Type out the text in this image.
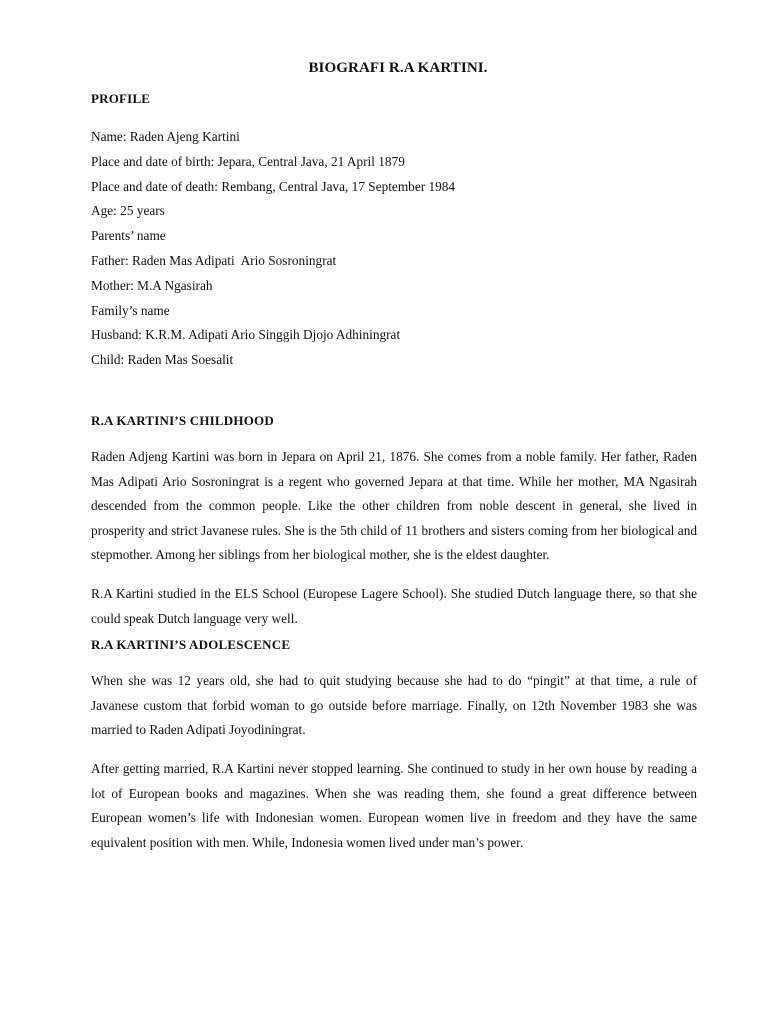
BIOGRAFI R.A KARTINI.
PROFILE
Name: Raden Ajeng Kartini
Place and date of birth: Jepara, Central Java, 21 April 1879
Place and date of death: Rembang, Central Java, 17 September 1984
Age: 25 years
Parents’ name
Father: Raden Mas Adipati  Ario Sosroningrat
Mother: M.A Ngasirah
Family’s name
Husband: K.R.M. Adipati Ario Singgih Djojo Adhiningrat
Child: Raden Mas Soesalit
R.A KARTINI’S CHILDHOOD

Raden Adjeng Kartini was born in Jepara on April 21, 1876. She comes from a noble family. Her father, Raden Mas Adipati Ario Sosroningrat is a regent who governed Jepara at that time. While her mother, MA Ngasirah descended from the common people. Like the other children from noble descent in general, she lived in prosperity and strict Javanese rules. She is the 5th child of 11 brothers and sisters coming from her biological and stepmother. Among her siblings from her biological mother, she is the eldest daughter.

R.A Kartini studied in the ELS School (Europese Lagere School). She studied Dutch language there, so that she could speak Dutch language very well.

R.A KARTINI’S ADOLESCENCE

When she was 12 years old, she had to quit studying because she had to do “pingit” at that time, a rule of Javanese custom that forbid woman to go outside before marriage. Finally, on 12th November 1983 she was married to Raden Adipati Joyodiningrat.

After getting married, R.A Kartini never stopped learning. She continued to study in her own house by reading a lot of European books and magazines. When she was reading them, she found a great difference between European women’s life with Indonesian women. European women live in freedom and they have the same equivalent position with men. While, Indonesia women lived under man’s power.
